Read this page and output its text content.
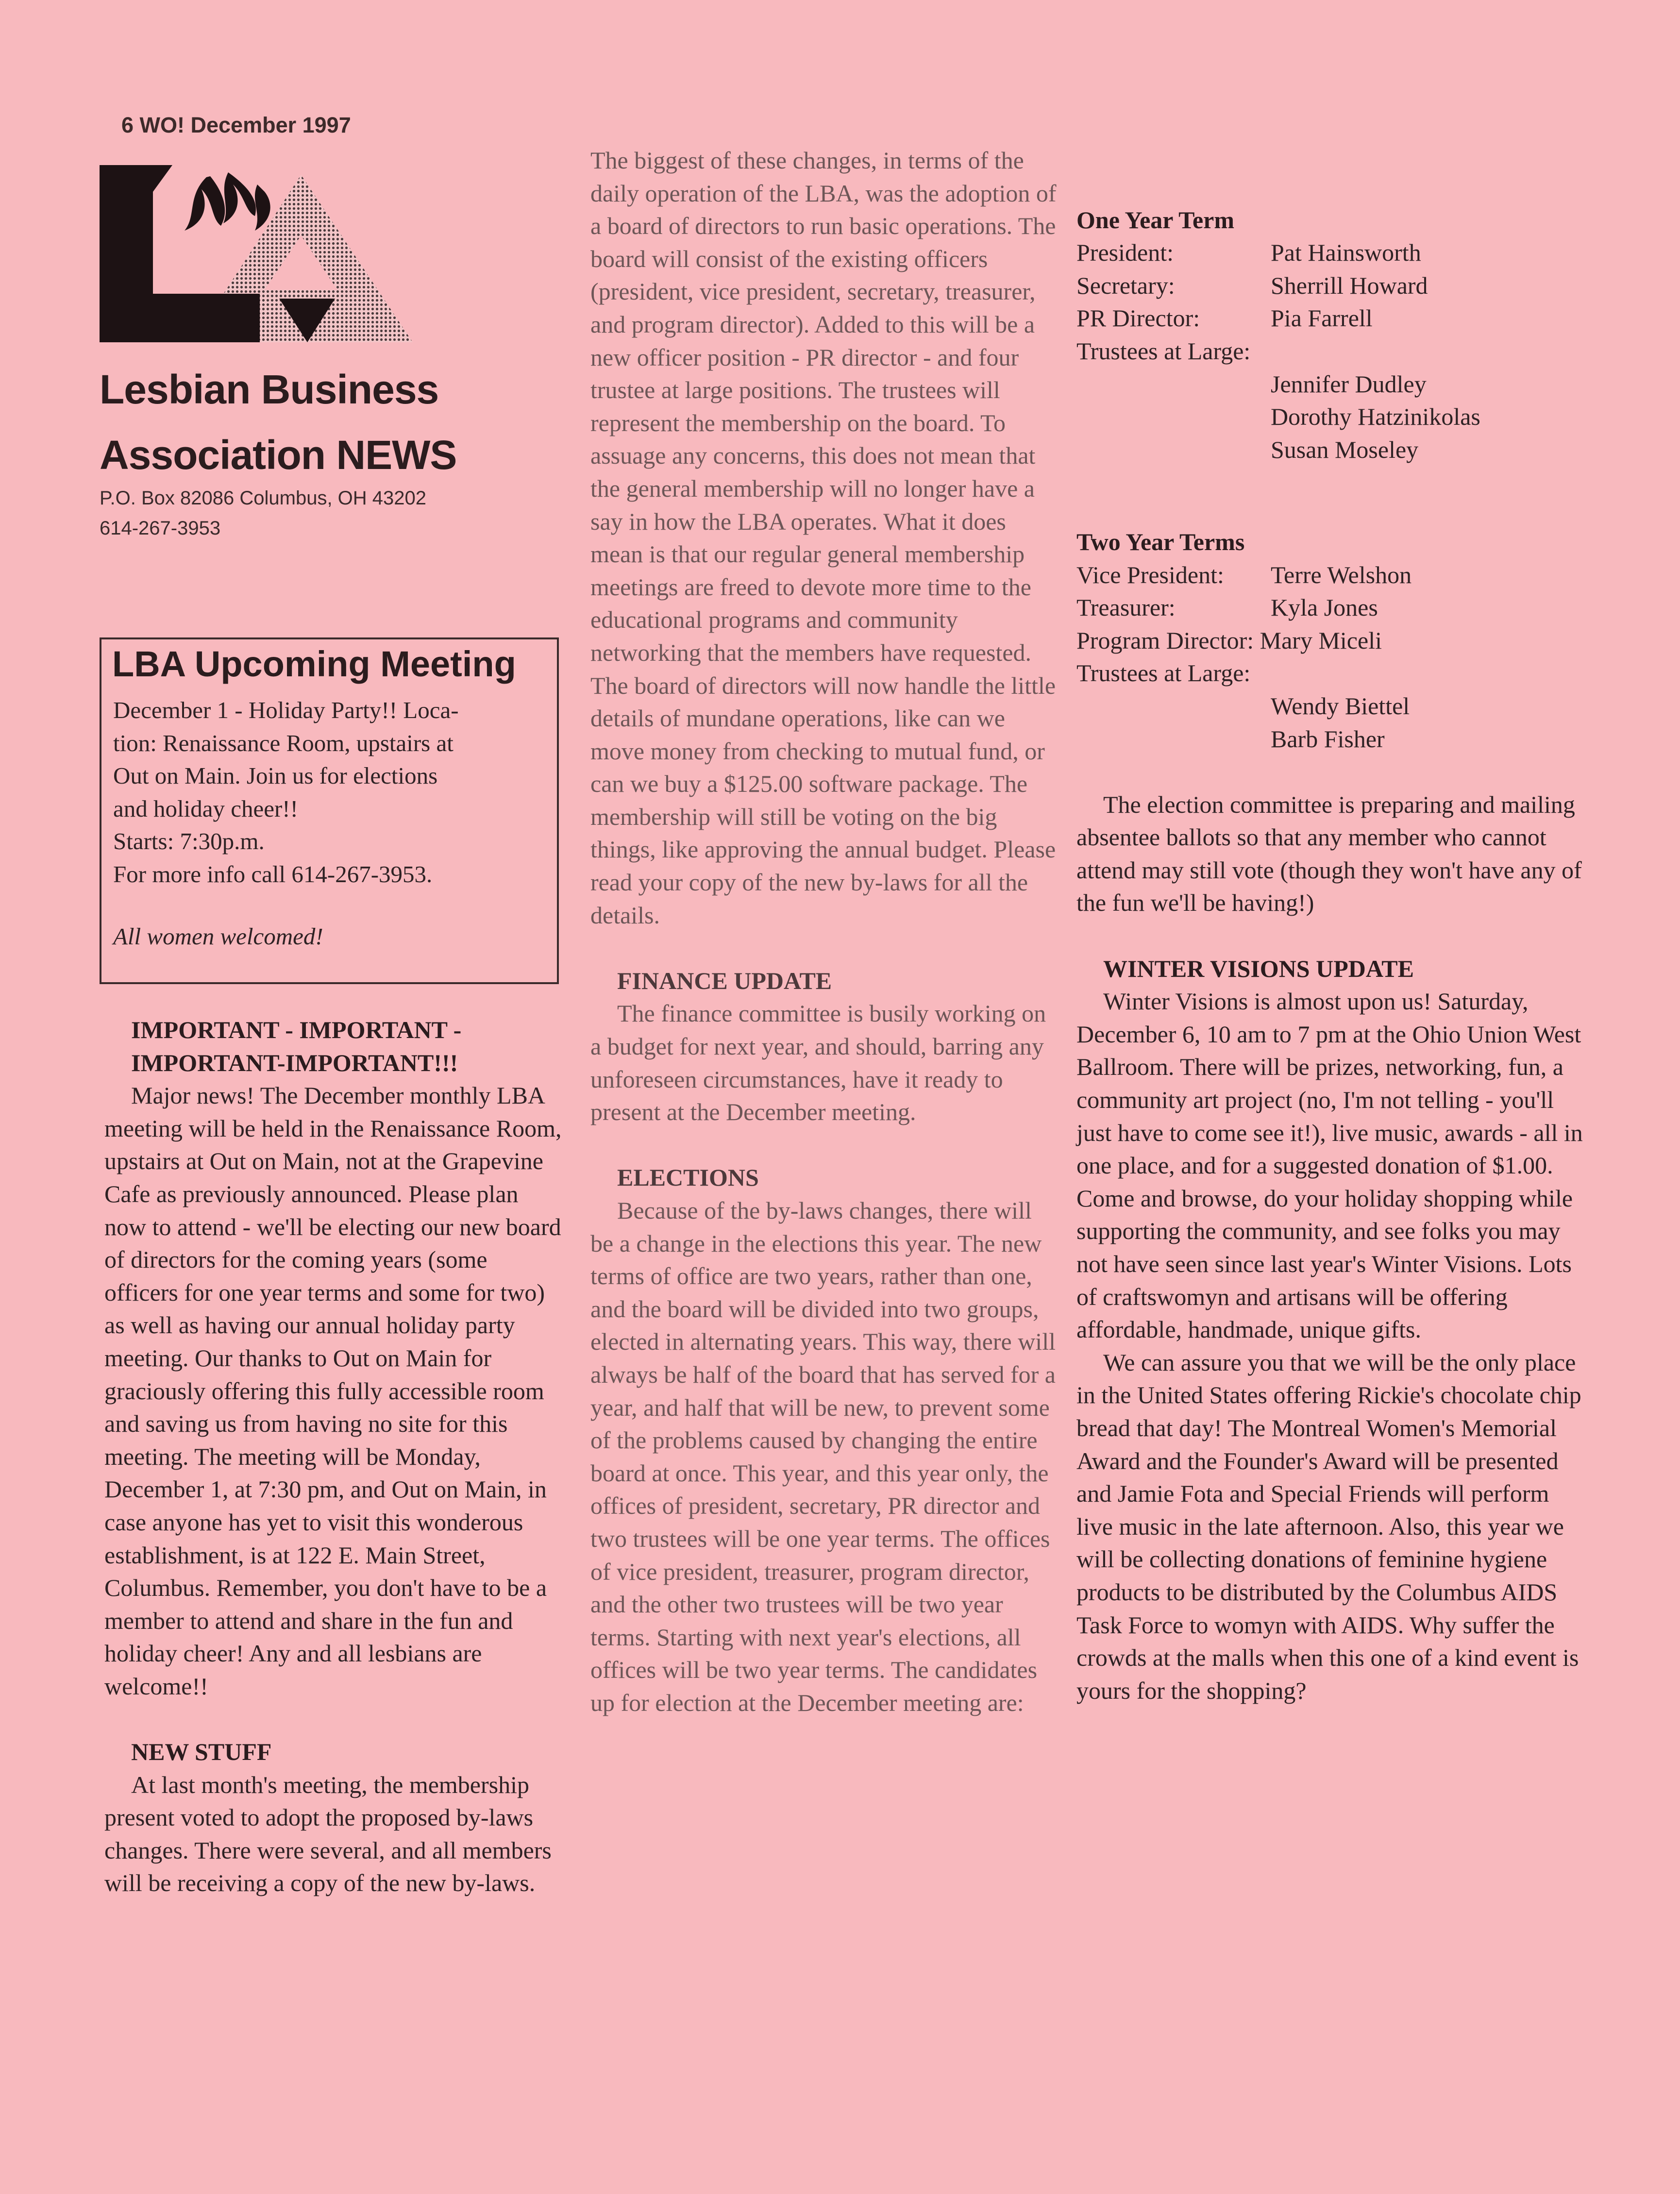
6 WO! December 1997
Lesbian Business
Association NEWS
P.O. Box 82086 Columbus, OH 43202
614-267-3953
LBA Upcoming Meeting
December 1 - Holiday Party!! Loca-
tion: Renaissance Room, upstairs at
Out on Main. Join us for elections
and holiday cheer!!
Starts: 7:30p.m.
For more info call 614-267-3953.
All women welcomed!

IMPORTANT - IMPORTANT - IMPORTANT-IMPORTANT!!!

Major news! The December monthly LBA meeting will be held in the Renaissance Room, upstairs at Out on Main, not at the Grapevine Cafe as previously announced. Please plan now to attend - we'll be electing our new board of directors for the coming years (some officers for one year terms and some for two) as well as having our annual holiday party meeting. Our thanks to Out on Main for graciously offering this fully accessible room and saving us from having no site for this meeting. The meeting will be Monday, December 1, at 7:30 pm, and Out on Main, in case anyone has yet to visit this wonderous establishment, is at 122 E. Main Street, Columbus. Remember, you don't have to be a member to attend and share in the fun and holiday cheer! Any and all lesbians are welcome!!

NEW STUFF

At last month's meeting, the membership present voted to adopt the proposed by-laws changes. There were several, and all members will be receiving a copy of the new by-laws.

The biggest of these changes, in terms of the daily operation of the LBA, was the adoption of a board of directors to run basic operations. The board will consist of the existing officers (president, vice president, secretary, treasurer, and program director). Added to this will be a new officer position - PR director - and four trustee at large positions. The trustees will represent the membership on the board. To assuage any concerns, this does not mean that the general membership will no longer have a say in how the LBA operates. What it does mean is that our regular general membership meetings are freed to devote more time to the educational programs and community networking that the members have requested. The board of directors will now handle the little details of mundane operations, like can we move money from checking to mutual fund, or can we buy a $125.00 software package. The membership will still be voting on the big things, like approving the annual budget. Please read your copy of the new by-laws for all the details.

FINANCE UPDATE

The finance committee is busily working on a budget for next year, and should, barring any unforeseen circumstances, have it ready to present at the December meeting.

ELECTIONS

Because of the by-laws changes, there will be a change in the elections this year. The new terms of office are two years, rather than one, and the board will be divided into two groups, elected in alternating years. This way, there will always be half of the board that has served for a year, and half that will be new, to prevent some of the problems caused by changing the entire board at once. This year, and this year only, the offices of president, secretary, PR director and two trustees will be one year terms. The offices of vice president, treasurer, program director, and the other two trustees will be two year terms. Starting with next year's elections, all offices will be two year terms. The candidates up for election at the December meeting are:

One Year Term
President:	Pat Hainsworth
Secretary:	Sherrill Howard
PR Director:	Pia Farrell
Trustees at Large:
Jennifer Dudley
Dorothy Hatzinikolas
Susan Moseley
Two Year Terms
Vice President:	Terre Welshon
Treasurer:	Kyla Jones
Program Director: Mary Miceli
Trustees at Large:
Wendy Biettel
Barb Fisher

The election committee is preparing and mailing absentee ballots so that any member who cannot attend may still vote (though they won't have any of the fun we'll be having!)

WINTER VISIONS UPDATE

Winter Visions is almost upon us! Saturday, December 6, 10 am to 7 pm at the Ohio Union West Ballroom. There will be prizes, networking, fun, a community art project (no, I'm not telling - you'll just have to come see it!), live music, awards - all in one place, and for a suggested donation of $1.00. Come and browse, do your holiday shopping while supporting the community, and see folks you may not have seen since last year's Winter Visions. Lots of craftswomyn and artisans will be offering affordable, handmade, unique gifts.

We can assure you that we will be the only place in the United States offering Rickie's chocolate chip bread that day! The Montreal Women's Memorial Award and the Founder's Award will be presented and Jamie Fota and Special Friends will perform live music in the late afternoon. Also, this year we will be collecting donations of feminine hygiene products to be distributed by the Columbus AIDS Task Force to womyn with AIDS. Why suffer the crowds at the malls when this one of a kind event is yours for the shopping?
